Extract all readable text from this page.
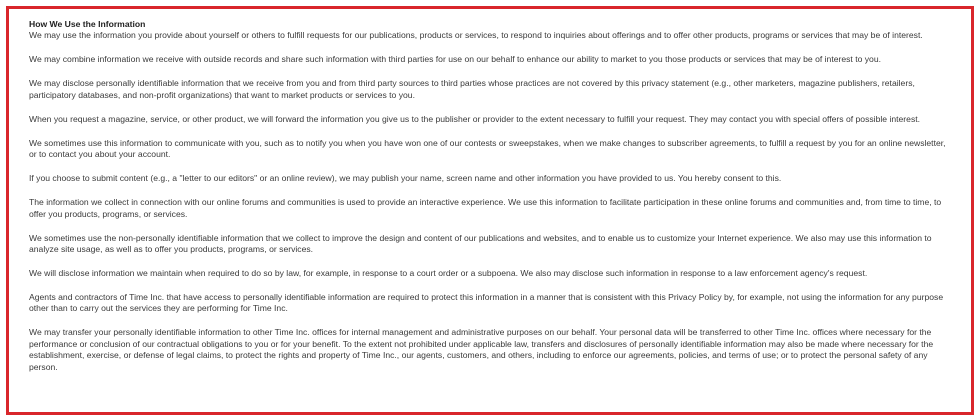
How We Use the Information

We may use the information you provide about yourself or others to fulfill requests for our publications, products or services, to respond to inquiries about offerings and to offer other products, programs or services that may be of interest.

We may combine information we receive with outside records and share such information with third parties for use on our behalf to enhance our ability to market to you those products or services that may be of interest to you.

We may disclose personally identifiable information that we receive from you and from third party sources to third parties whose practices are not covered by this privacy statement (e.g., other marketers, magazine publishers, retailers, participatory databases, and non-profit organizations) that want to market products or services to you.

When you request a magazine, service, or other product, we will forward the information you give us to the publisher or provider to the extent necessary to fulfill your request. They may contact you with special offers of possible interest.

We sometimes use this information to communicate with you, such as to notify you when you have won one of our contests or sweepstakes, when we make changes to subscriber agreements, to fulfill a request by you for an online newsletter, or to contact you about your account.

If you choose to submit content (e.g., a "letter to our editors" or an online review), we may publish your name, screen name and other information you have provided to us. You hereby consent to this.

The information we collect in connection with our online forums and communities is used to provide an interactive experience. We use this information to facilitate participation in these online forums and communities and, from time to time, to offer you products, programs, or services.

We sometimes use the non-personally identifiable information that we collect to improve the design and content of our publications and websites, and to enable us to customize your Internet experience. We also may use this information to analyze site usage, as well as to offer you products, programs, or services.

We will disclose information we maintain when required to do so by law, for example, in response to a court order or a subpoena. We also may disclose such information in response to a law enforcement agency's request.

Agents and contractors of Time Inc. that have access to personally identifiable information are required to protect this information in a manner that is consistent with this Privacy Policy by, for example, not using the information for any purpose other than to carry out the services they are performing for Time Inc.

We may transfer your personally identifiable information to other Time Inc. offices for internal management and administrative purposes on our behalf. Your personal data will be transferred to other Time Inc. offices where necessary for the performance or conclusion of our contractual obligations to you or for your benefit. To the extent not prohibited under applicable law, transfers and disclosures of personally identifiable information may also be made where necessary for the establishment, exercise, or defense of legal claims, to protect the rights and property of Time Inc., our agents, customers, and others, including to enforce our agreements, policies, and terms of use; or to protect the personal safety of any person.
